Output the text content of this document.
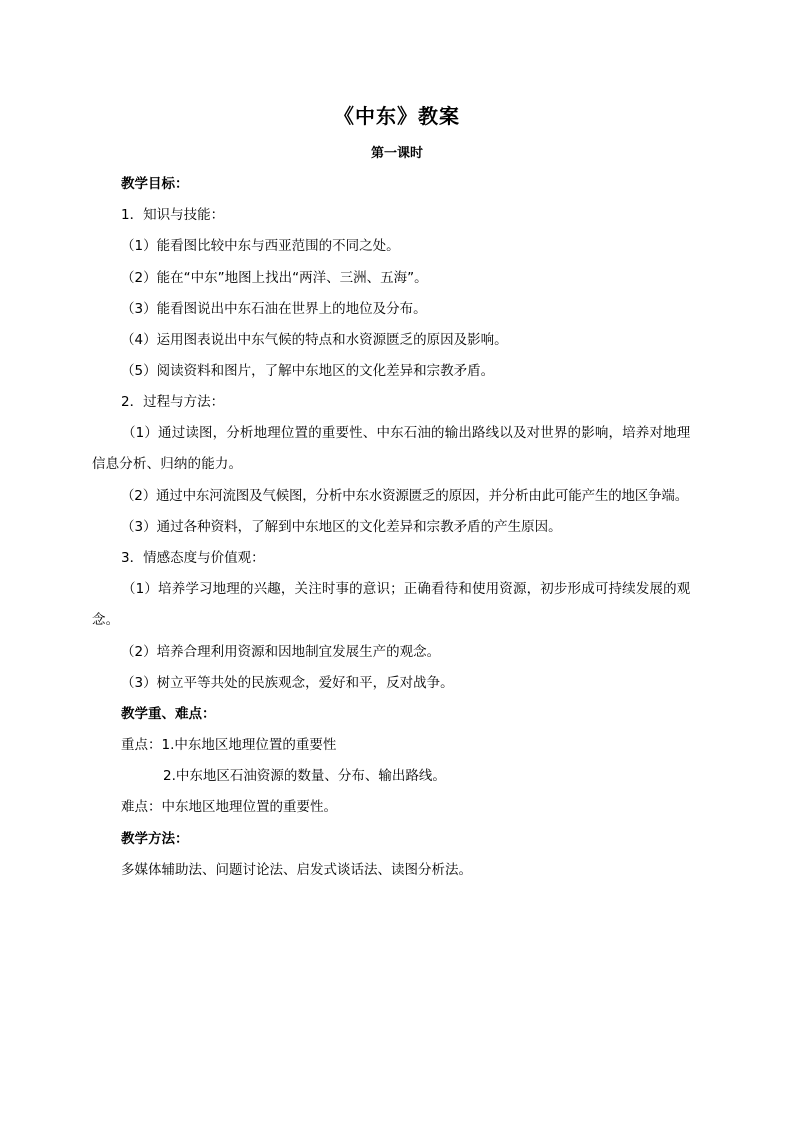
《中东》教案
第一课时
教学目标：
1．知识与技能：
（1）能看图比较中东与西亚范围的不同之处。
（2）能在“中东”地图上找出“两洋、三洲、五海”。
（3）能看图说出中东石油在世界上的地位及分布。
（4）运用图表说出中东气候的特点和水资源匮乏的原因及影响。
（5）阅读资料和图片，了解中东地区的文化差异和宗教矛盾。
2．过程与方法：
（1）通过读图，分析地理位置的重要性、中东石油的输出路线以及对世界的影响，培养对地理信息分析、归纳的能力。
（2）通过中东河流图及气候图，分析中东水资源匮乏的原因，并分析由此可能产生的地区争端。
（3）通过各种资料，了解到中东地区的文化差异和宗教矛盾的产生原因。
3．情感态度与价值观：
（1）培养学习地理的兴趣，关注时事的意识；正确看待和使用资源，初步形成可持续发展的观念。
（2）培养合理利用资源和因地制宜发展生产的观念。
（3）树立平等共处的民族观念，爱好和平，反对战争。
教学重、难点：
重点：1.中东地区地理位置的重要性
2.中东地区石油资源的数量、分布、输出路线。
难点：中东地区地理位置的重要性。
教学方法：
多媒体辅助法、问题讨论法、启发式谈话法、读图分析法。
